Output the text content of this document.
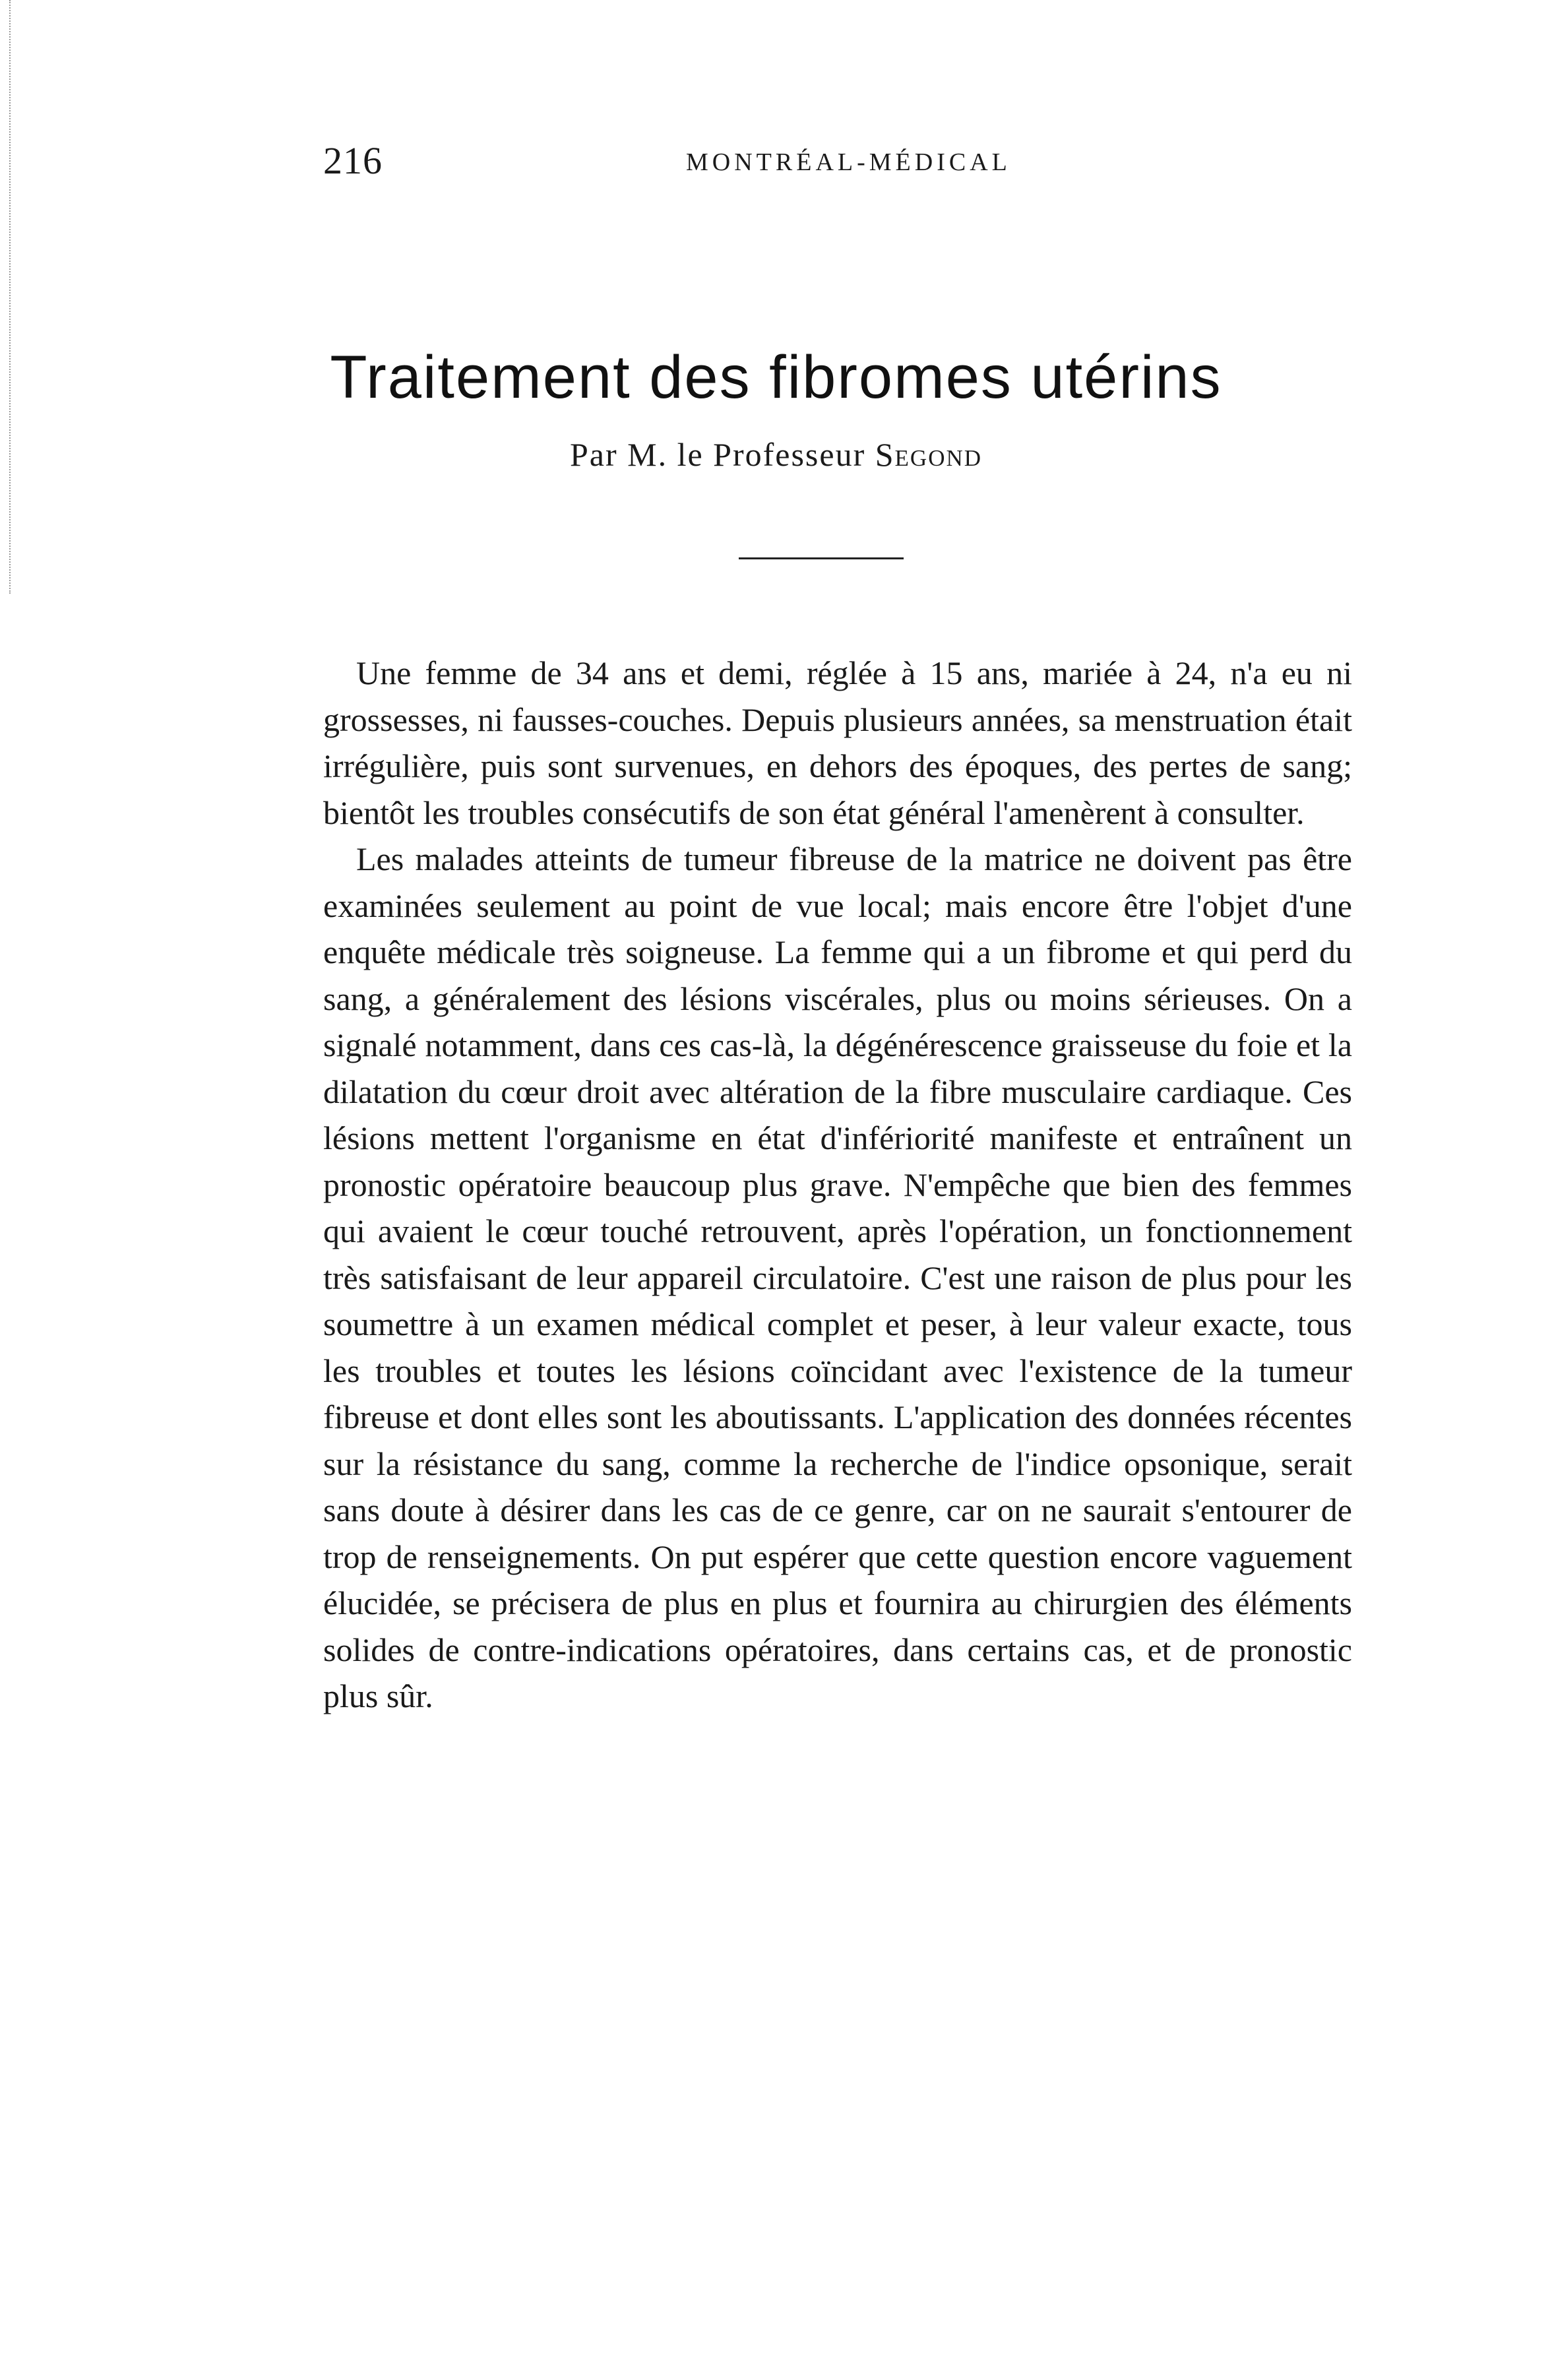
216	MONTRÉAL-MÉDICAL
Traitement des fibromes utérins
Par M. le Professeur Segond

Une femme de 34 ans et demi, réglée à 15 ans, mariée à 24, n'a eu ni grossesses, ni fausses-couches. Depuis plusieurs années, sa menstruation était irrégulière, puis sont survenues, en dehors des époques, des pertes de sang; bientôt les troubles consécutifs de son état général l'amenèrent à consulter.

Les malades atteints de tumeur fibreuse de la matrice ne doivent pas être examinées seulement au point de vue local; mais encore être l'objet d'une enquête médicale très soigneuse. La femme qui a un fibrome et qui perd du sang, a généralement des lésions viscérales, plus ou moins sérieuses. On a signalé notamment, dans ces cas-là, la dégénérescence graisseuse du foie et la dilatation du cœur droit avec altération de la fibre musculaire cardiaque. Ces lésions mettent l'organisme en état d'infériorité manifeste et entraînent un pronostic opératoire beaucoup plus grave. N'empêche que bien des femmes qui avaient le cœur touché retrouvent, après l'opération, un fonctionnement très satisfaisant de leur appareil circulatoire. C'est une raison de plus pour les soumettre à un examen médical complet et peser, à leur valeur exacte, tous les troubles et toutes les lésions coïncidant avec l'existence de la tumeur fibreuse et dont elles sont les aboutissants. L'application des données récentes sur la résistance du sang, comme la recherche de l'indice opsonique, serait sans doute à désirer dans les cas de ce genre, car on ne saurait s'entourer de trop de renseignements. On put espérer que cette question encore vaguement élucidée, se précisera de plus en plus et fournira au chirurgien des éléments solides de contre-indications opératoires, dans certains cas, et de pronostic plus sûr.
